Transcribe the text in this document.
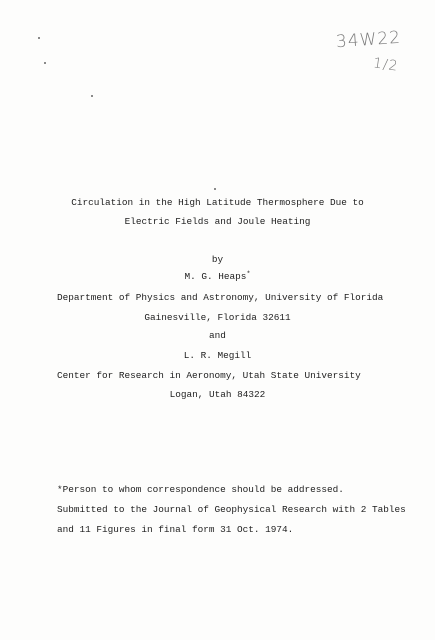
34W22
1/2
Circulation in the High Latitude Thermosphere Due to
Electric Fields and Joule Heating
by
M. G. Heaps*
Department of Physics and Astronomy, University of Florida
Gainesville, Florida 32611
and
L. R. Megill
Center for Research in Aeronomy, Utah State University
Logan, Utah 84322
*Person to whom correspondence should be addressed.
Submitted to the Journal of Geophysical Research with 2 Tables
and 11 Figures in final form 31 Oct. 1974.
